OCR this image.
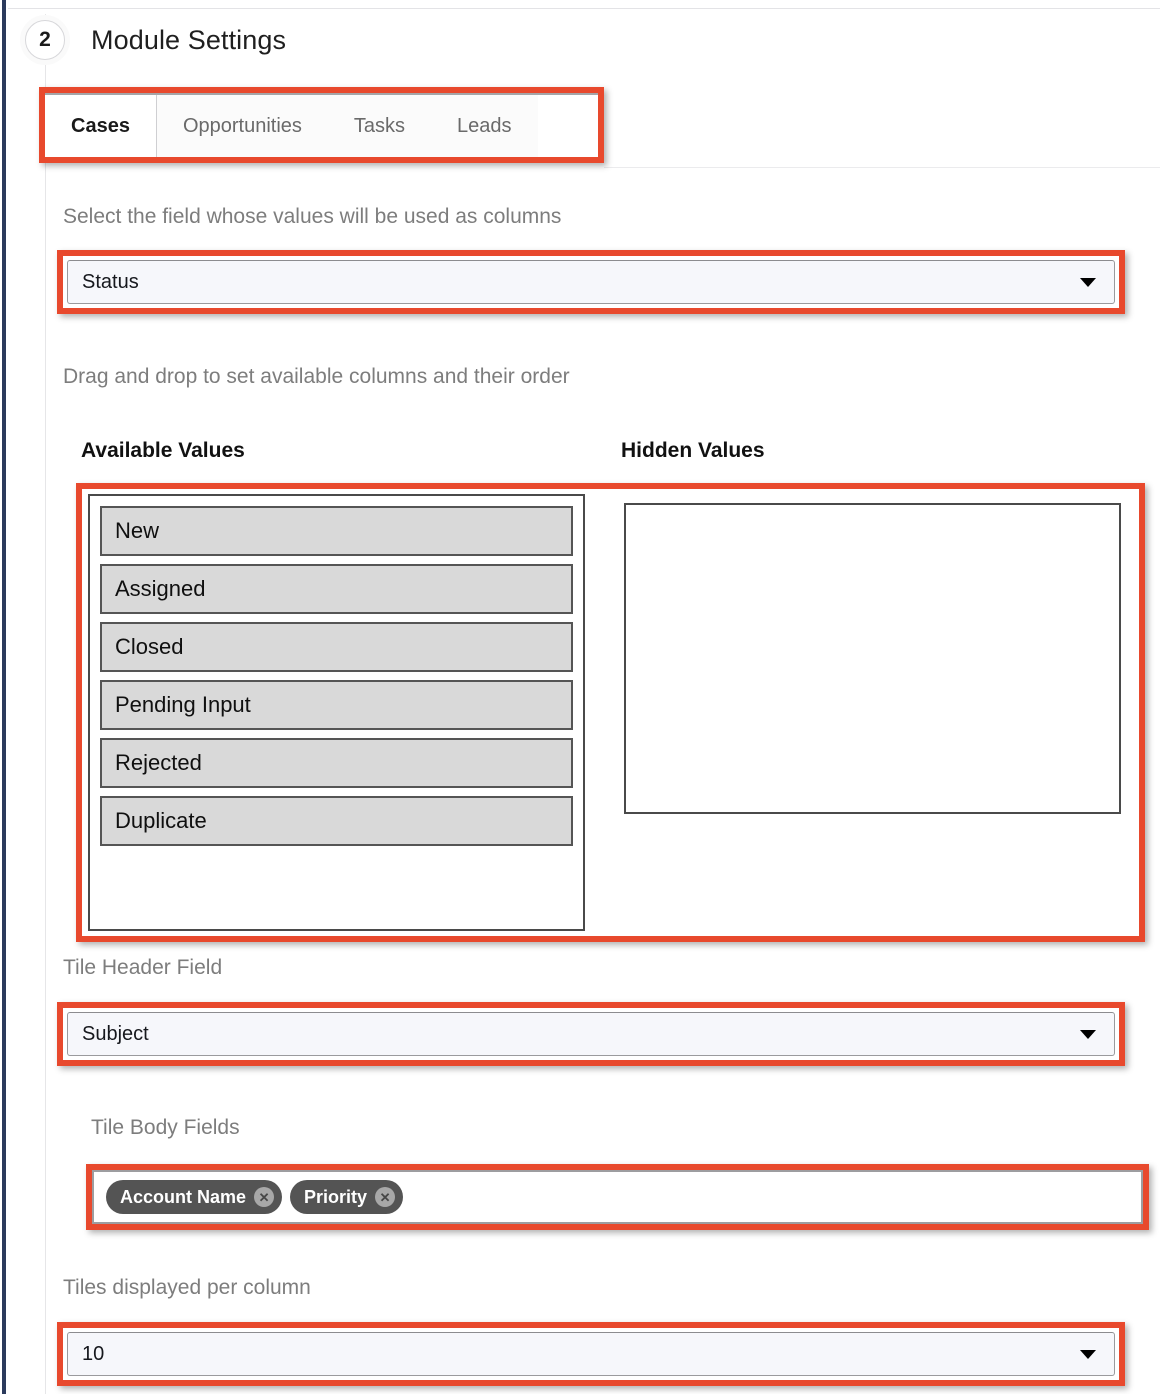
2	Module Settings
Cases	Opportunities	Tasks	Leads
Select the field whose values will be used as columns
Status
Drag and drop to set available columns and their order
Available Values	Hidden Values
New
Assigned
Closed
Pending Input
Rejected
Duplicate
Tile Header Field
Subject
Tile Body Fields
Account Name ✕ Priority ✕
Tiles displayed per column
10
